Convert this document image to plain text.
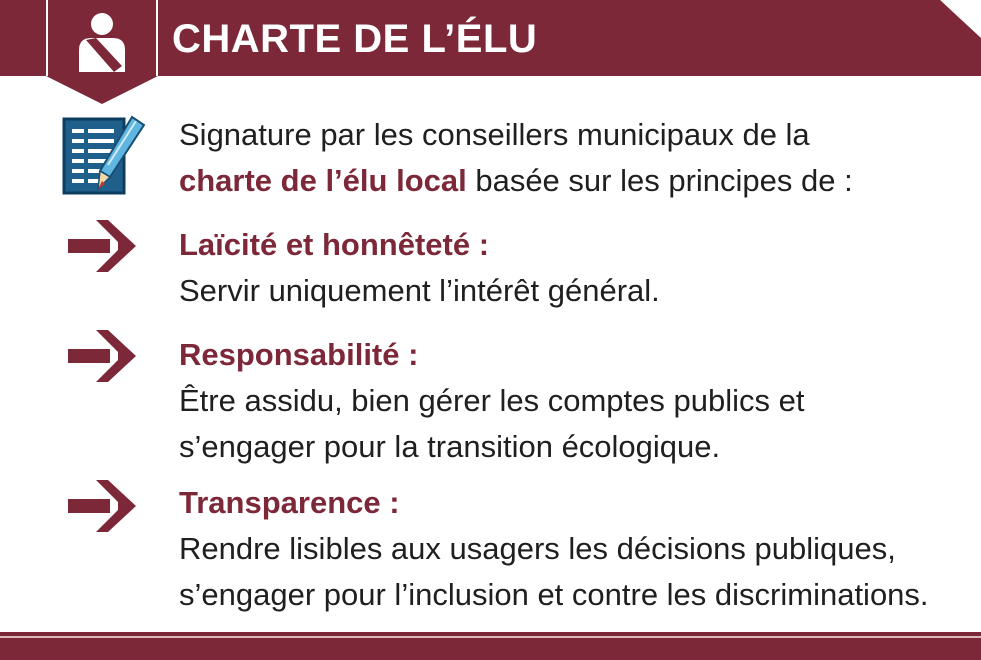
CHARTE DE L’ÉLU

Signature par les conseillers municipaux de la
charte de l’élu local basée sur les principes de :

Laïcité et honnêteté :

Servir uniquement l’intérêt général.

Responsabilité :

Être assidu, bien gérer les comptes publics et

s’engager pour la transition écologique.

Transparence :

Rendre lisibles aux usagers les décisions publiques,

s’engager pour l’inclusion et contre les discriminations.
